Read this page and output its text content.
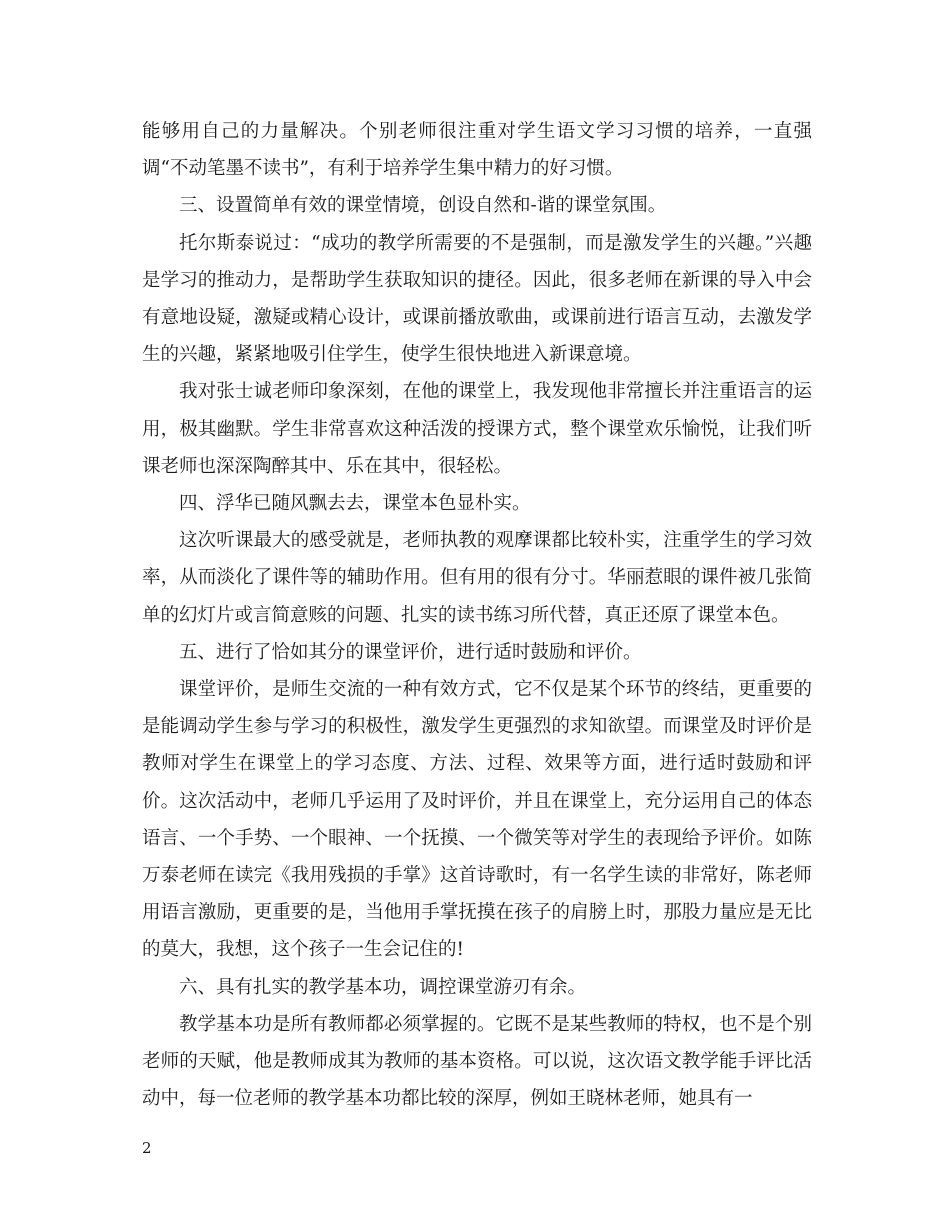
能够用自己的力量解决。个别老师很注重对学生语文学习习惯的培养，一直强调“不动笔墨不读书”，有利于培养学生集中精力的好习惯。

三、设置简单有效的课堂情境，创设自然和-谐的课堂氛围。

托尔斯泰说过：“成功的教学所需要的不是强制，而是激发学生的兴趣。”兴趣是学习的推动力，是帮助学生获取知识的捷径。因此，很多老师在新课的导入中会有意地设疑，激疑或精心设计，或课前播放歌曲，或课前进行语言互动，去激发学生的兴趣，紧紧地吸引住学生，使学生很快地进入新课意境。

我对张士诚老师印象深刻，在他的课堂上，我发现他非常擅长并注重语言的运用，极其幽默。学生非常喜欢这种活泼的授课方式，整个课堂欢乐愉悦，让我们听课老师也深深陶醉其中、乐在其中，很轻松。

四、浮华已随风飘去去，课堂本色显朴实。

这次听课最大的感受就是，老师执教的观摩课都比较朴实，注重学生的学习效率，从而淡化了课件等的辅助作用。但有用的很有分寸。华丽惹眼的课件被几张简单的幻灯片或言简意赅的问题、扎实的读书练习所代替，真正还原了课堂本色。

五、进行了恰如其分的课堂评价，进行适时鼓励和评价。

课堂评价，是师生交流的一种有效方式，它不仅是某个环节的终结，更重要的是能调动学生参与学习的积极性，激发学生更强烈的求知欲望。而课堂及时评价是教师对学生在课堂上的学习态度、方法、过程、效果等方面，进行适时鼓励和评价。这次活动中，老师几乎运用了及时评价，并且在课堂上，充分运用自己的体态语言、一个手势、一个眼神、一个抚摸、一个微笑等对学生的表现给予评价。如陈万泰老师在读完《我用残损的手掌》这首诗歌时，有一名学生读的非常好，陈老师用语言激励，更重要的是，当他用手掌抚摸在孩子的肩膀上时，那股力量应是无比的莫大，我想，这个孩子一生会记住的!

六、具有扎实的教学基本功，调控课堂游刃有余。

教学基本功是所有教师都必须掌握的。它既不是某些教师的特权，也不是个别老师的天赋，他是教师成其为教师的基本资格。可以说，这次语文教学能手评比活动中，每一位老师的教学基本功都比较的深厚，例如王晓林老师，她具有一

2
